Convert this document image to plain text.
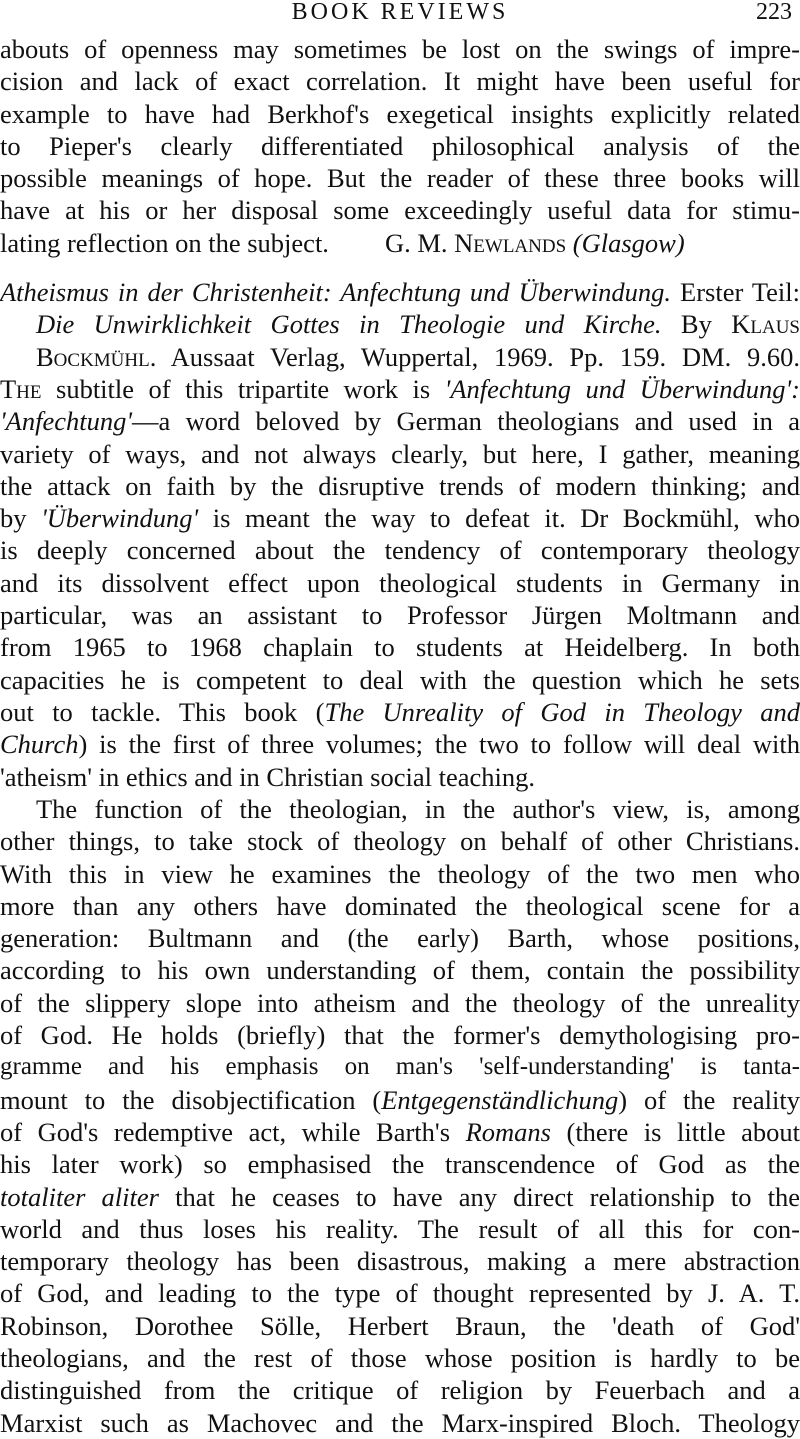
BOOK REVIEWS	223
abouts of openness may sometimes be lost on the swings of impre-
cision and lack of exact correlation. It might have been useful for
example to have had Berkhof's exegetical insights explicitly related
to Pieper's clearly differentiated philosophical analysis of the
possible meanings of hope. But the reader of these three books will
have at his or her disposal some exceedingly useful data for stimu-
lating reflection on the subject. G. M. Newlands (Glasgow)
Atheismus in der Christenheit: Anfechtung und Überwindung. Erster Teil:
Die Unwirklichkeit Gottes in Theologie und Kirche. By Klaus
Bockmühl. Aussaat Verlag, Wuppertal, 1969. Pp. 159. DM. 9.60.
The subtitle of this tripartite work is 'Anfechtung und Überwindung':
'Anfechtung'—a word beloved by German theologians and used in a
variety of ways, and not always clearly, but here, I gather, meaning
the attack on faith by the disruptive trends of modern thinking; and
by 'Überwindung' is meant the way to defeat it. Dr Bockmühl, who
is deeply concerned about the tendency of contemporary theology
and its dissolvent effect upon theological students in Germany in
particular, was an assistant to Professor Jürgen Moltmann and
from 1965 to 1968 chaplain to students at Heidelberg. In both
capacities he is competent to deal with the question which he sets
out to tackle. This book (The Unreality of God in Theology and
Church) is the first of three volumes; the two to follow will deal with
'atheism' in ethics and in Christian social teaching.
The function of the theologian, in the author's view, is, among
other things, to take stock of theology on behalf of other Christians.
With this in view he examines the theology of the two men who
more than any others have dominated the theological scene for a
generation: Bultmann and (the early) Barth, whose positions,
according to his own understanding of them, contain the possibility
of the slippery slope into atheism and the theology of the unreality
of God. He holds (briefly) that the former's demythologising pro-
gramme and his emphasis on man's 'self-understanding' is tanta-
mount to the disobjectification (Entgegenständlichung) of the reality
of God's redemptive act, while Barth's Romans (there is little about
his later work) so emphasised the transcendence of God as the
totaliter aliter that he ceases to have any direct relationship to the
world and thus loses his reality. The result of all this for con-
temporary theology has been disastrous, making a mere abstraction
of God, and leading to the type of thought represented by J. A. T.
Robinson, Dorothee Sölle, Herbert Braun, the 'death of God'
theologians, and the rest of those whose position is hardly to be
distinguished from the critique of religion by Feuerbach and a
Marxist such as Machovec and the Marx-inspired Bloch. Theology
